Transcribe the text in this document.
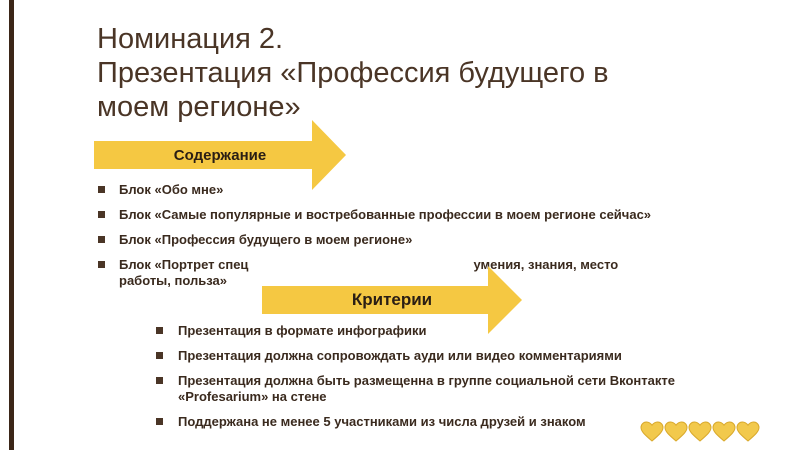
Номинация 2.
Презентация «Профессия будущего в
моем регионе»
Содержание
Блок «Обо мне»
Блок «Самые популярные и востребованные профессии в моем регионе сейчас»
Блок «Профессия будущего в моем регионе»
Блок «Портрет спец	умения, знания, место
работы, польза»
Критерии
Презентация в формате инфографики
Презентация должна сопровождать ауди или видео комментариями
Презентация должна быть размещенна в группе социальной сети Вконтакте «Profesarium» на стене
Поддержана не менее 5 участниками из числа друзей и знаком
